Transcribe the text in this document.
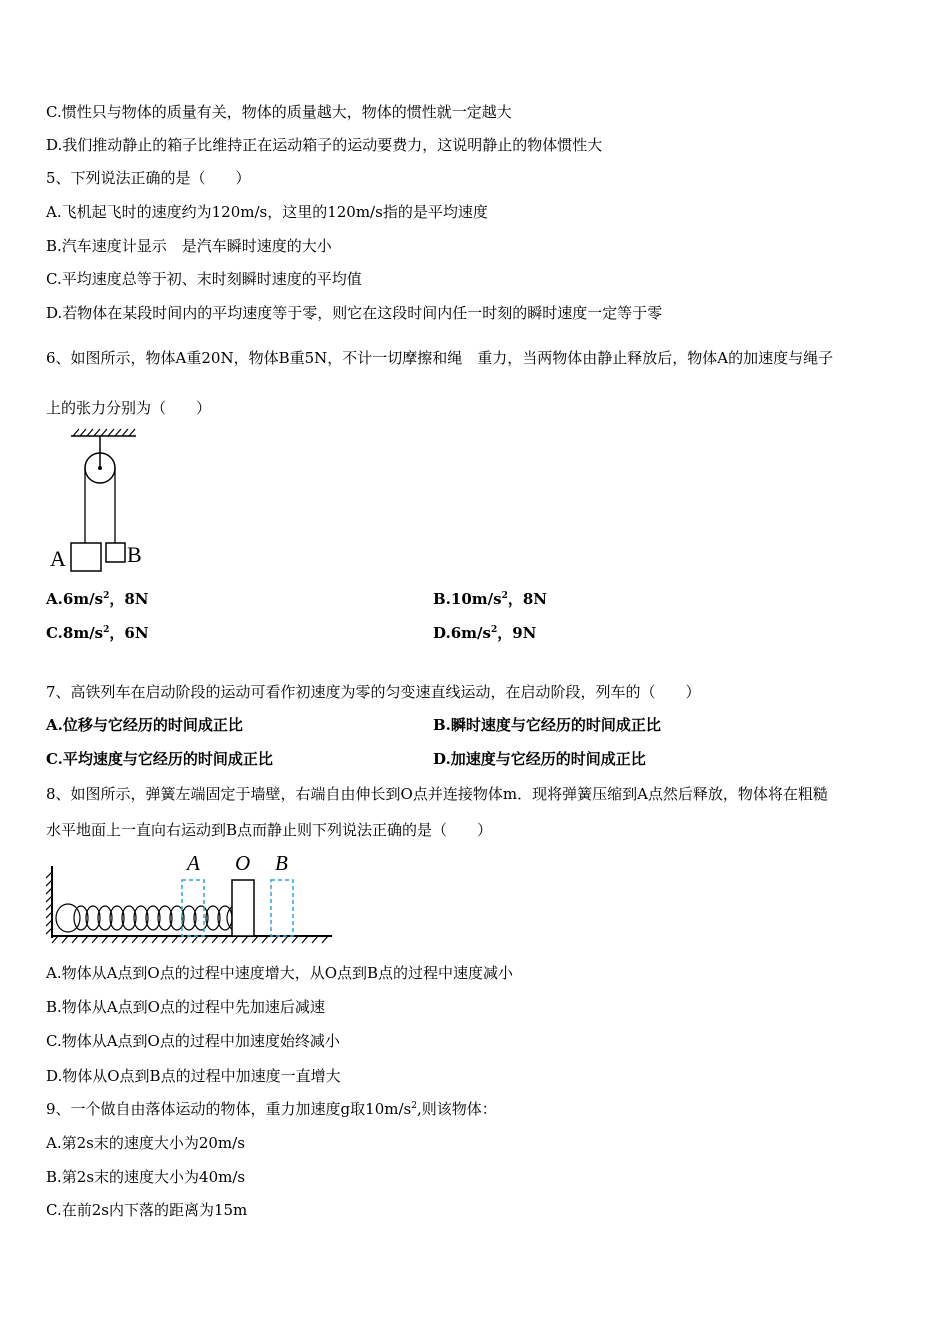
C.惯性只与物体的质量有关，物体的质量越大，物体的惯性就一定越大
D.我们推动静止的箱子比维持正在运动箱子的运动要费力，这说明静止的物体惯性大
5、下列说法正确的是（　　）
A.飞机起飞时的速度约为120m/s，这里的120m/s指的是平均速度
B.汽车速度计显示　是汽车瞬时速度的大小
C.平均速度总等于初、末时刻瞬时速度的平均值
D.若物体在某段时间内的平均速度等于零，则它在这段时间内任一时刻的瞬时速度一定等于零
6、如图所示，物体A重20N，物体B重5N，不计一切摩擦和绳　重力，当两物体由静止释放后，物体A的加速度与绳子
上的张力分别为（　　）
A	B
$A.6m/s^2$，8N	$B.10m/s^2$，8N
$C.8m/s^2$，6N	$D.6m/s^2$，9N
7、高铁列车在启动阶段的运动可看作初速度为零的匀变速直线运动，在启动阶段，列车的（　　）
A.位移与它经历的时间成正比	B.瞬时速度与它经历的时间成正比
C.平均速度与它经历的时间成正比	D.加速度与它经历的时间成正比
8、如图所示，弹簧左端固定于墙壁，右端自由伸长到O点并连接物体m．现将弹簧压缩到A点然后释放，物体将在粗糙
水平地面上一直向右运动到B点而静止则下列说法正确的是（　　）
A O B
A.物体从A点到O点的过程中速度增大，从O点到B点的过程中速度减小
B.物体从A点到O点的过程中先加速后减速
C.物体从A点到O点的过程中加速度始终减小
D.物体从O点到B点的过程中加速度一直增大
9、一个做自由落体运动的物体，重力加速度g取$10m/s^2$,则该物体：
A.第2s末的速度大小为20m/s
B.第2s末的速度大小为40m/s
C.在前2s内下落的距离为15m
